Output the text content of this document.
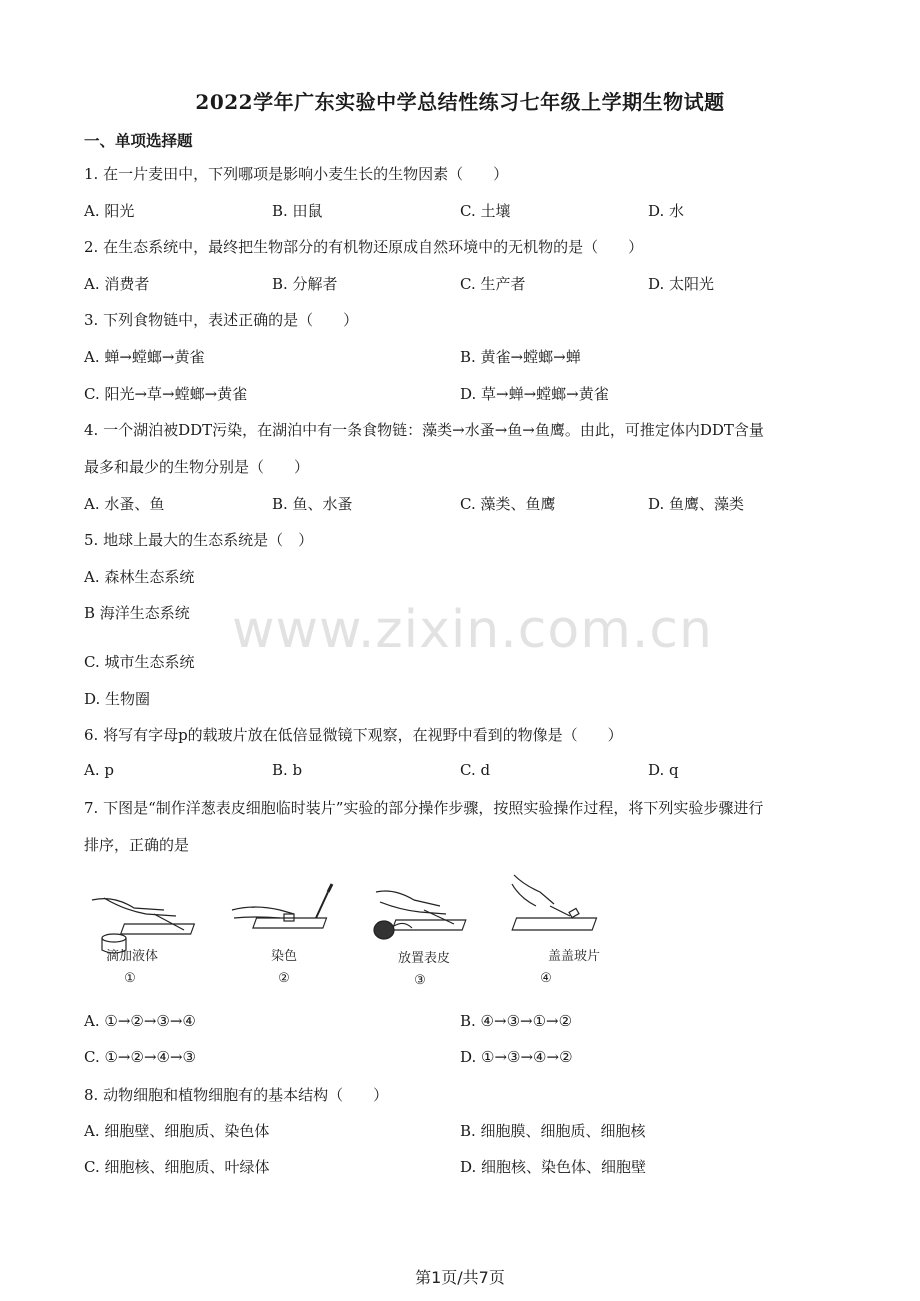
2022学年广东实验中学总结性练习七年级上学期生物试题
一、单项选择题
www.zixin.com.cn
1. 在一片麦田中，下列哪项是影响小麦生长的生物因素（　　）
A. 阳光	B. 田鼠	C. 土壤	D. 水
2. 在生态系统中，最终把生物部分的有机物还原成自然环境中的无机物的是（　　）
A. 消费者	B. 分解者	C. 生产者	D. 太阳光
3. 下列食物链中，表述正确的是（　　）
A. 蝉→螳螂→黄雀	B. 黄雀→螳螂→蝉
C. 阳光→草→螳螂→黄雀	D. 草→蝉→螳螂→黄雀
4. 一个湖泊被DDT污染，在湖泊中有一条食物链：藻类→水蚤→鱼→鱼鹰。由此，可推定体内DDT含量
最多和最少的生物分别是（　　）
A. 水蚤、鱼	B. 鱼、水蚤	C. 藻类、鱼鹰	D. 鱼鹰、藻类
5. 地球上最大的生态系统是（　）
A. 森林生态系统
B 海洋生态系统
C. 城市生态系统
D. 生物圈
6. 将写有字母p的载玻片放在低倍显微镜下观察，在视野中看到的物像是（　　）
A. p	B. b	C. d	D. q
7. 下图是“制作洋葱表皮细胞临时装片”实验的部分操作步骤，按照实验操作过程，将下列实验步骤进行
排序，正确的是
滴加液体
①
染色
②
放置表皮
③
盖盖玻片
④
A. ①→②→③→④	B. ④→③→①→②
C. ①→②→④→③	D. ①→③→④→②
8. 动物细胞和植物细胞有的基本结构（　　）
A. 细胞壁、细胞质、染色体	B. 细胞膜、细胞质、细胞核
C. 细胞核、细胞质、叶绿体	D. 细胞核、染色体、细胞壁
第1页/共7页
